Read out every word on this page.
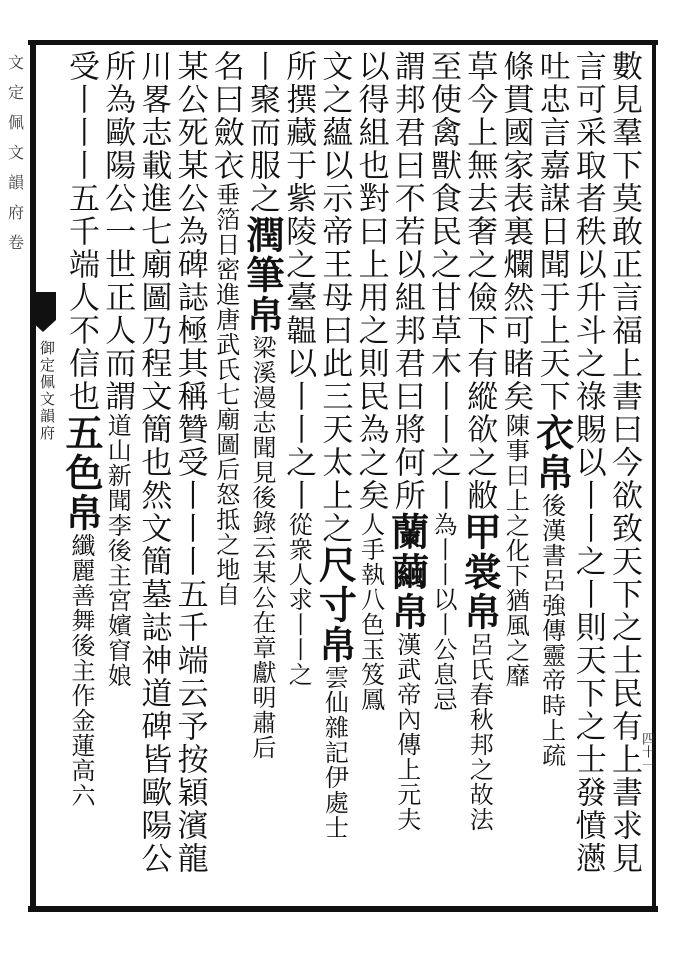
文
定
佩
文
韻
府
卷
御定佩文韻府
四十一
數見羣下莫敢正言福上書曰今欲致天下之士民有上書求見
言可采取者秩以升斗之祿賜以丨丨之丨則天下之士發憤懣
吐忠言嘉謀日聞于上天下衣帛後漢書呂強傳靈帝時上疏
條貫國家表裏爛然可睹矣陳事曰上之化下猶風之靡
草今上無去奢之儉下有縱欲之敝甲裳帛呂氏春秋邦之故法
至使禽獸食民之甘草木丨丨之丨為丨丨以丨公息忌
謂邦君曰不若以組邦君曰將何所蘭繭帛漢武帝內傳上元夫
以得組也對曰上用之則民為之矣人手執八色玉笈鳳
文之蘊以示帝王母曰此三天太上之尺寸帛雲仙雜記伊處士
所撰藏于紫陵之臺韞以丨丨之丨從衆人求丨丨之
丨聚而服之潤筆帛梁溪漫志聞見後錄云某公在章獻明肅后
名曰斂衣垂箔日密進唐武氏七廟圖后怒抵之地自
某公死某公為碑誌極其稱贊受丨丨丨五千端云予按穎濱龍
川畧志載進七廟圖乃程文簡也然文簡墓誌神道碑皆歐陽公
所為歐陽公一世正人而謂道山新聞李後主宮嬪窅娘
受丨丨丨五千端人不信也五色帛纖麗善舞後主作金蓮高六
